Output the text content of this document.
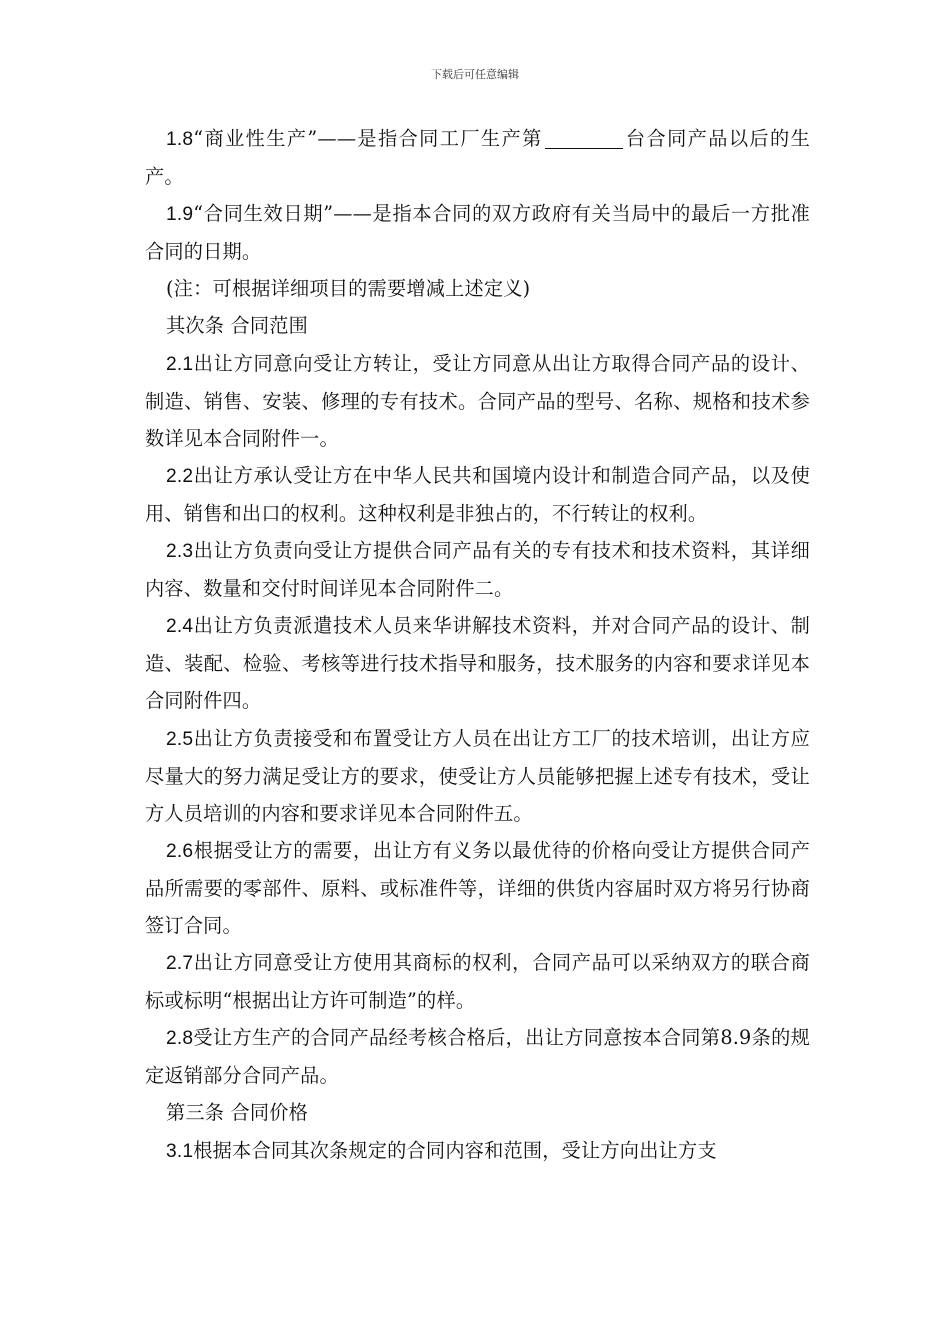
下载后可任意编辑

1.8“商业性生产”——是指合同工厂生产第	台合同产品以后的生产。

1.9“合同生效日期”——是指本合同的双方政府有关当局中的最后一方批准合同的日期。

(注：可根据详细项目的需要增减上述定义)

其次条 合同范围

2.1出让方同意向受让方转让，受让方同意从出让方取得合同产品的设计、制造、销售、安装、修理的专有技术。合同产品的型号、名称、规格和技术参数详见本合同附件一。

2.2出让方承认受让方在中华人民共和国境内设计和制造合同产品，以及使用、销售和出口的权利。这种权利是非独占的，不行转让的权利。

2.3出让方负责向受让方提供合同产品有关的专有技术和技术资料，其详细内容、数量和交付时间详见本合同附件二。

2.4出让方负责派遣技术人员来华讲解技术资料，并对合同产品的设计、制造、装配、检验、考核等进行技术指导和服务，技术服务的内容和要求详见本合同附件四。

2.5出让方负责接受和布置受让方人员在出让方工厂的技术培训，出让方应尽量大的努力满足受让方的要求，使受让方人员能够把握上述专有技术，受让方人员培训的内容和要求详见本合同附件五。

2.6根据受让方的需要，出让方有义务以最优待的价格向受让方提供合同产品所需要的零部件、原料、或标准件等，详细的供货内容届时双方将另行协商签订合同。

2.7出让方同意受让方使用其商标的权利，合同产品可以采纳双方的联合商标或标明“根据出让方许可制造”的样。

2.8受让方生产的合同产品经考核合格后，出让方同意按本合同第8.9条的规定返销部分合同产品。

第三条 合同价格

3.1根据本合同其次条规定的合同内容和范围，受让方向出让方支
